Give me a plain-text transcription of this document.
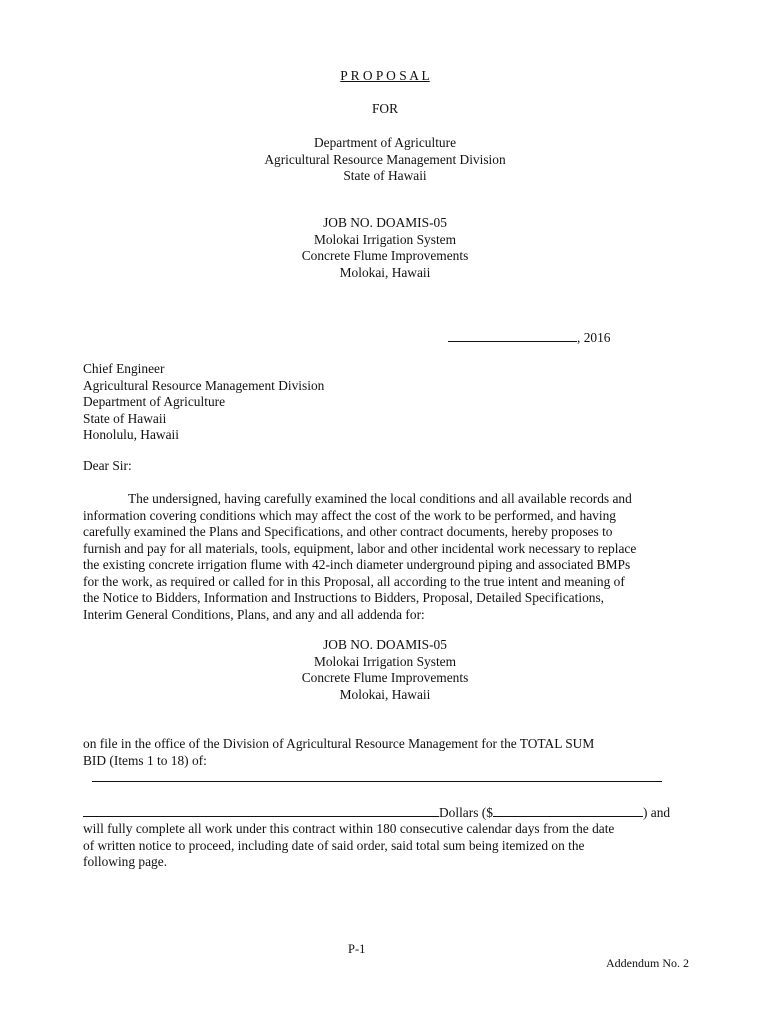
P R O P O S A L
FOR
Department of Agriculture
Agricultural Resource Management Division
State of Hawaii
JOB NO. DOAMIS-05
Molokai Irrigation System
Concrete Flume Improvements
Molokai, Hawaii
, 2016
Chief Engineer
Agricultural Resource Management Division
Department of Agriculture
State of Hawaii
Honolulu, Hawaii
Dear Sir:
The undersigned, having carefully examined the local conditions and all available records and
information covering conditions which may affect the cost of the work to be performed, and having
carefully examined the Plans and Specifications, and other contract documents, hereby proposes to
furnish and pay for all materials, tools, equipment, labor and other incidental work necessary to replace
the existing concrete irrigation flume with 42-inch diameter underground piping and associated BMPs
for the work, as required or called for in this Proposal, all according to the true intent and meaning of
the Notice to Bidders, Information and Instructions to Bidders, Proposal, Detailed Specifications,
Interim General Conditions, Plans, and any and all addenda for:
JOB NO. DOAMIS-05
Molokai Irrigation System
Concrete Flume Improvements
Molokai, Hawaii
on file in the office of the Division of Agricultural Resource Management for the TOTAL SUM
BID (Items 1 to 18) of:
Dollars ($	) and
will fully complete all work under this contract within 180 consecutive calendar days from the date
of written notice to proceed, including date of said order, said total sum being itemized on the
following page.
P-1
Addendum No. 2
